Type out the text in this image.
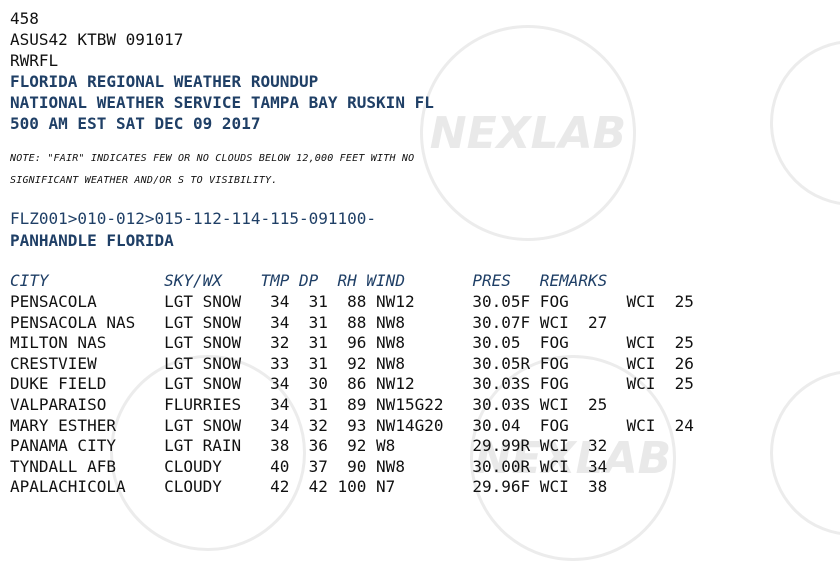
NEXLAB
NEXLAB
458
ASUS42 KTBW 091017
RWRFL
FLORIDA REGIONAL WEATHER ROUNDUP
NATIONAL WEATHER SERVICE TAMPA BAY RUSKIN FL
500 AM EST SAT DEC 09 2017
NOTE: "FAIR" INDICATES FEW OR NO CLOUDS BELOW 12,000 FEET WITH NO
SIGNIFICANT WEATHER AND/OR S TO VISIBILITY.
FLZ001>010-012>015-112-114-115-091100-
PANHANDLE FLORIDA
CITY            SKY/WX    TMP DP  RH WIND       PRES   REMARKS
PENSACOLA       LGT SNOW   34  31  88 NW12      30.05F FOG      WCI  25
PENSACOLA NAS   LGT SNOW   34  31  88 NW8       30.07F WCI  27
MILTON NAS      LGT SNOW   32  31  96 NW8       30.05  FOG      WCI  25
CRESTVIEW       LGT SNOW   33  31  92 NW8       30.05R FOG      WCI  26
DUKE FIELD      LGT SNOW   34  30  86 NW12      30.03S FOG      WCI  25
VALPARAISO      FLURRIES   34  31  89 NW15G22   30.03S WCI  25
MARY ESTHER     LGT SNOW   34  32  93 NW14G20   30.04  FOG      WCI  24
PANAMA CITY     LGT RAIN   38  36  92 W8        29.99R WCI  32
TYNDALL AFB     CLOUDY     40  37  90 NW8       30.00R WCI  34
APALACHICOLA    CLOUDY     42  42 100 N7        29.96F WCI  38
